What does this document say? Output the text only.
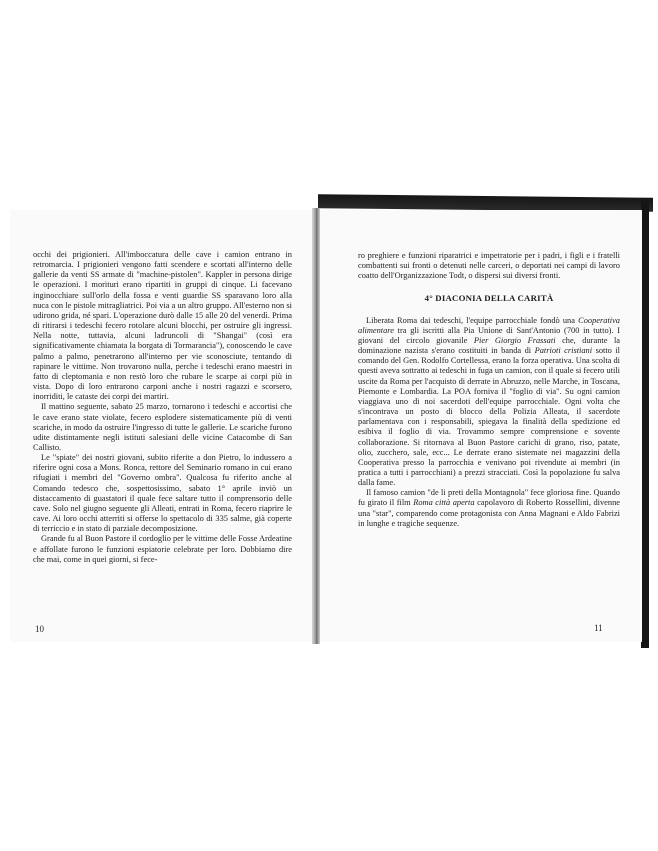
occhi dei prigionieri. All'imboccatura delle cave i camion entrano in retromarcia. I prigionieri vengono fatti scendere e scortati all'interno delle gallerie da venti SS armate di "machine-pistolen". Kappler in persona dirige le operazioni. I morituri erano ripartiti in gruppi di cinque. Li facevano inginocchiare sull'orlo della fossa e venti guardie SS sparavano loro alla nuca con le pistole mitragliatrici. Poi via a un altro gruppo. All'esterno non si udirono grida, né spari. L'operazione durò dalle 15 alle 20 del venerdì. Prima di ritirarsi i tedeschi fecero rotolare alcuni blocchi, per ostruire gli ingressi. Nella notte, tuttavia, alcuni ladruncoli di "Shangai" (così era significativamente chiamata la borgata di Tormarancia"), conoscendo le cave palmo a palmo, penetrarono all'interno per vie sconosciute, tentando di rapinare le vittime. Non trovarono nulla, perche i tedeschi erano maestri in fatto di cleptomania e non restò loro che rubare le scarpe ai corpi più in vista. Dopo di loro entrarono carponi anche i nostri ragazzi e scorsero, inorriditi, le cataste dei corpi dei martiri.

Il mattino seguente, sabato 25 marzo, tornarono i tedeschi e accortisi che le cave erano state violate, fecero esplodere sistematicamente più di venti scariche, in modo da ostruire l'ingresso di tutte le gallerie. Le scariche furono udite distintamente negli istituti salesiani delle vicine Catacombe di San Callisto.

Le "spiate" dei nostri giovani, subito riferite a don Pietro, lo indussero a riferire ogni cosa a Mons. Ronca, rettore del Seminario romano in cui erano rifugiati i membri del "Governo ombra". Qualcosa fu riferito anche al Comando tedesco che, sospettosissimo, sabato 1° aprile inviò un distaccamento di guastatori il quale fece saltare tutto il comprensorio delle cave. Solo nel giugno seguente gli Alleati, entrati in Roma, fecero riaprire le cave. Ai loro occhi atterriti si offerse lo spettacolo di 335 salme, già coperte di terriccio e in stato di parziale decomposizione.

Grande fu al Buon Pastore il cordoglio per le vittime delle Fosse Ardeatine e affollate furono le funzioni espiatorie celebrate per loro. Dobbiamo dire che mai, come in quei giorni, si fece-

10

ro preghiere e funzioni riparatrici e impetratorie per i padri, i figli e i fratelli combattenti sui fronti o detenuti nelle carceri, o deportati nei campi di lavoro coatto dell'Organizzazione Todt, o dispersi sui diversi fronti.

4° DIACONIA DELLA CARITÀ

Liberata Roma dai tedeschi, l'equipe parrocchiale fondò una Cooperativa alimentare tra gli iscritti alla Pia Unione di Sant'Antonio (700 in tutto). I giovani del circolo giovanile Pier Giorgio Frassati che, durante la dominazione nazista s'erano costituiti in banda di Patrioti cristiani sotto il comando del Gen. Rodolfo Cortellessa, erano la forza operativa. Una scolta di questi aveva sottratto ai tedeschi in fuga un camion, con il quale si fecero utili uscite da Roma per l'acquisto di derrate in Abruzzo, nelle Marche, in Toscana, Piemonte e Lombardia. La POA forniva il "foglio di via". Su ogni camion viaggiava uno di noi sacerdoti dell'equipe parrocchiale. Ogni volta che s'incontrava un posto di blocco della Polizia Alleata, il sacerdote parlamentava con i responsabili, spiegava la finalità della spedizione ed esibiva il foglio di via. Trovammo sempre comprensione e sovente collaborazione. Si ritornava al Buon Pastore carichi di grano, riso, patate, olio, zucchero, sale, ecc... Le derrate erano sistemate nei magazzini della Cooperativa presso la parrocchia e venivano poi rivendute ai membri (in pratica a tutti i parrocchiani) a prezzi stracciati. Così la popolazione fu salva dalla fame.

Il famoso camion "de li preti della Montagnola" fece gloriosa fine. Quando fu girato il film Roma città aperta capolavoro di Roberto Rossellini, divenne una "star", comparendo come protagonista con Anna Magnani e Aldo Fabrizi in lunghe e tragiche sequenze.

11
